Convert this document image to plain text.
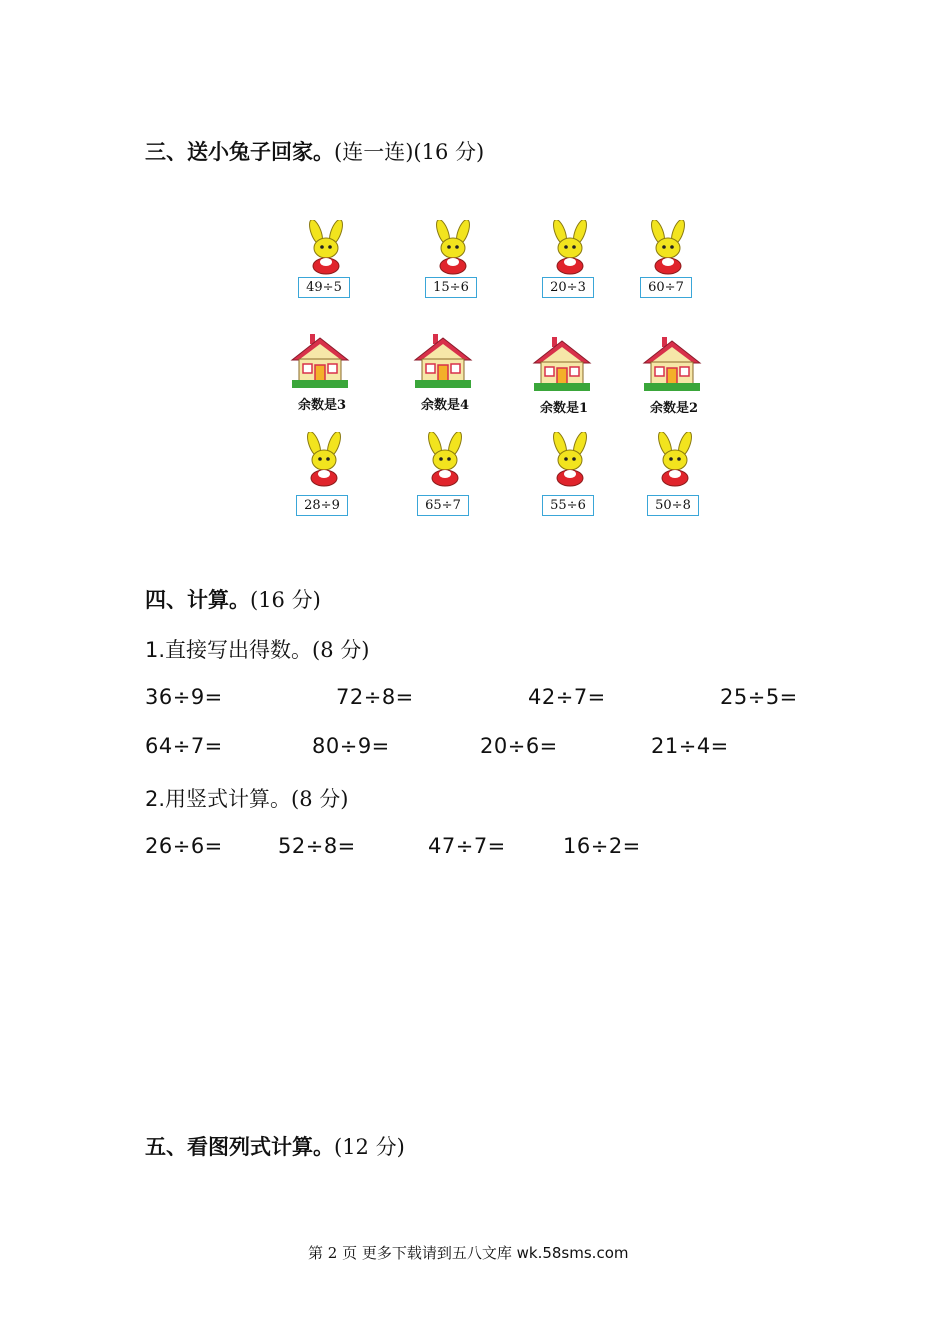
三、送小兔子回家。(连一连)(16 分)
49÷5	15÷6	20÷3	60÷7
余数是3	余数是4	余数是1	余数是2
28÷9	65÷7	55÷6	50÷8
四、计算。(16 分)
1.直接写出得数。(8 分)
36÷9=	72÷8=	42÷7=	25÷5=
64÷7=	80÷9=	20÷6=	21÷4=
2.用竖式计算。(8 分)
26÷6=	52÷8=	47÷7=	16÷2=
五、看图列式计算。(12 分)
第 2 页 更多下载请到五八文库 wk.58sms.com
